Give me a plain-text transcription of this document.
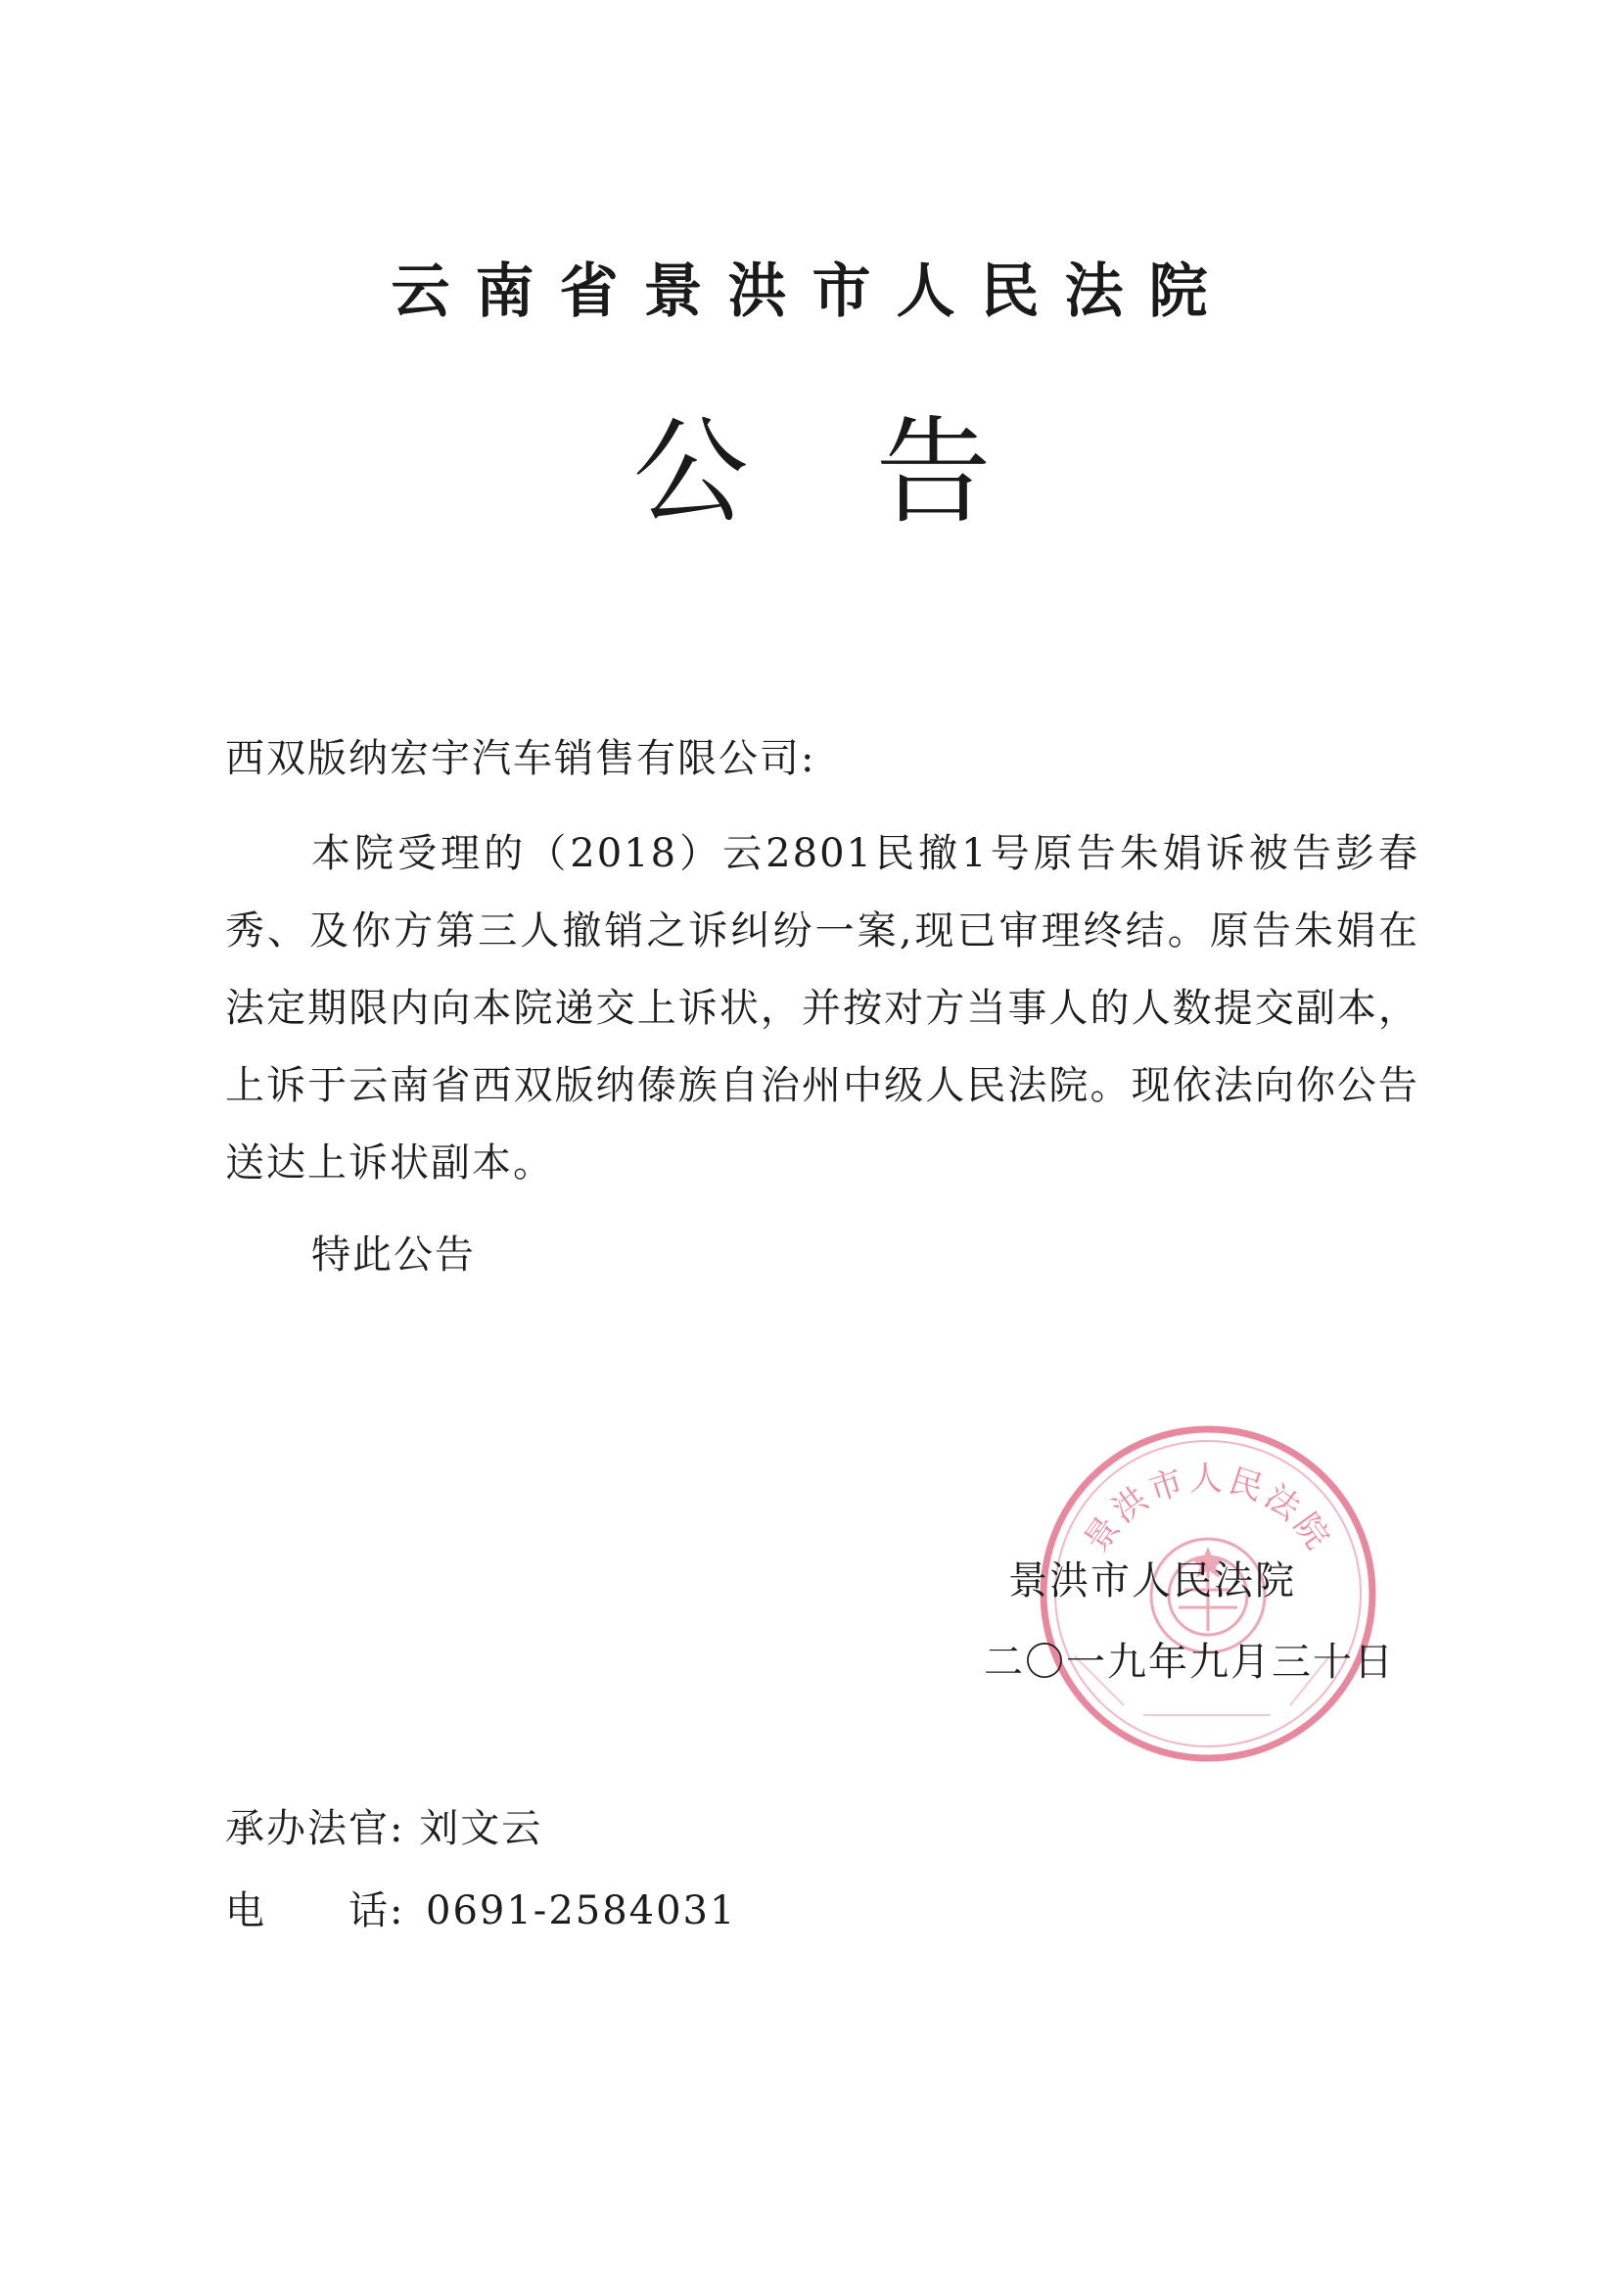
云南省景洪市人民法院
公告
西双版纳宏宇汽车销售有限公司:
本院受理的（2018）云2801民撤1号原告朱娟诉被告彭春秀、及你方第三人撤销之诉纠纷一案,现已审理终结。原告朱娟在法定期限内向本院递交上诉状，并按对方当事人的人数提交副本，上诉于云南省西双版纳傣族自治州中级人民法院。现依法向你公告送达上诉状副本。
特此公告
景洪市人民法院
景洪市人民法院
二〇一九年九月三十日
承办法官: 刘文云
电　　话: 0691-2584031
